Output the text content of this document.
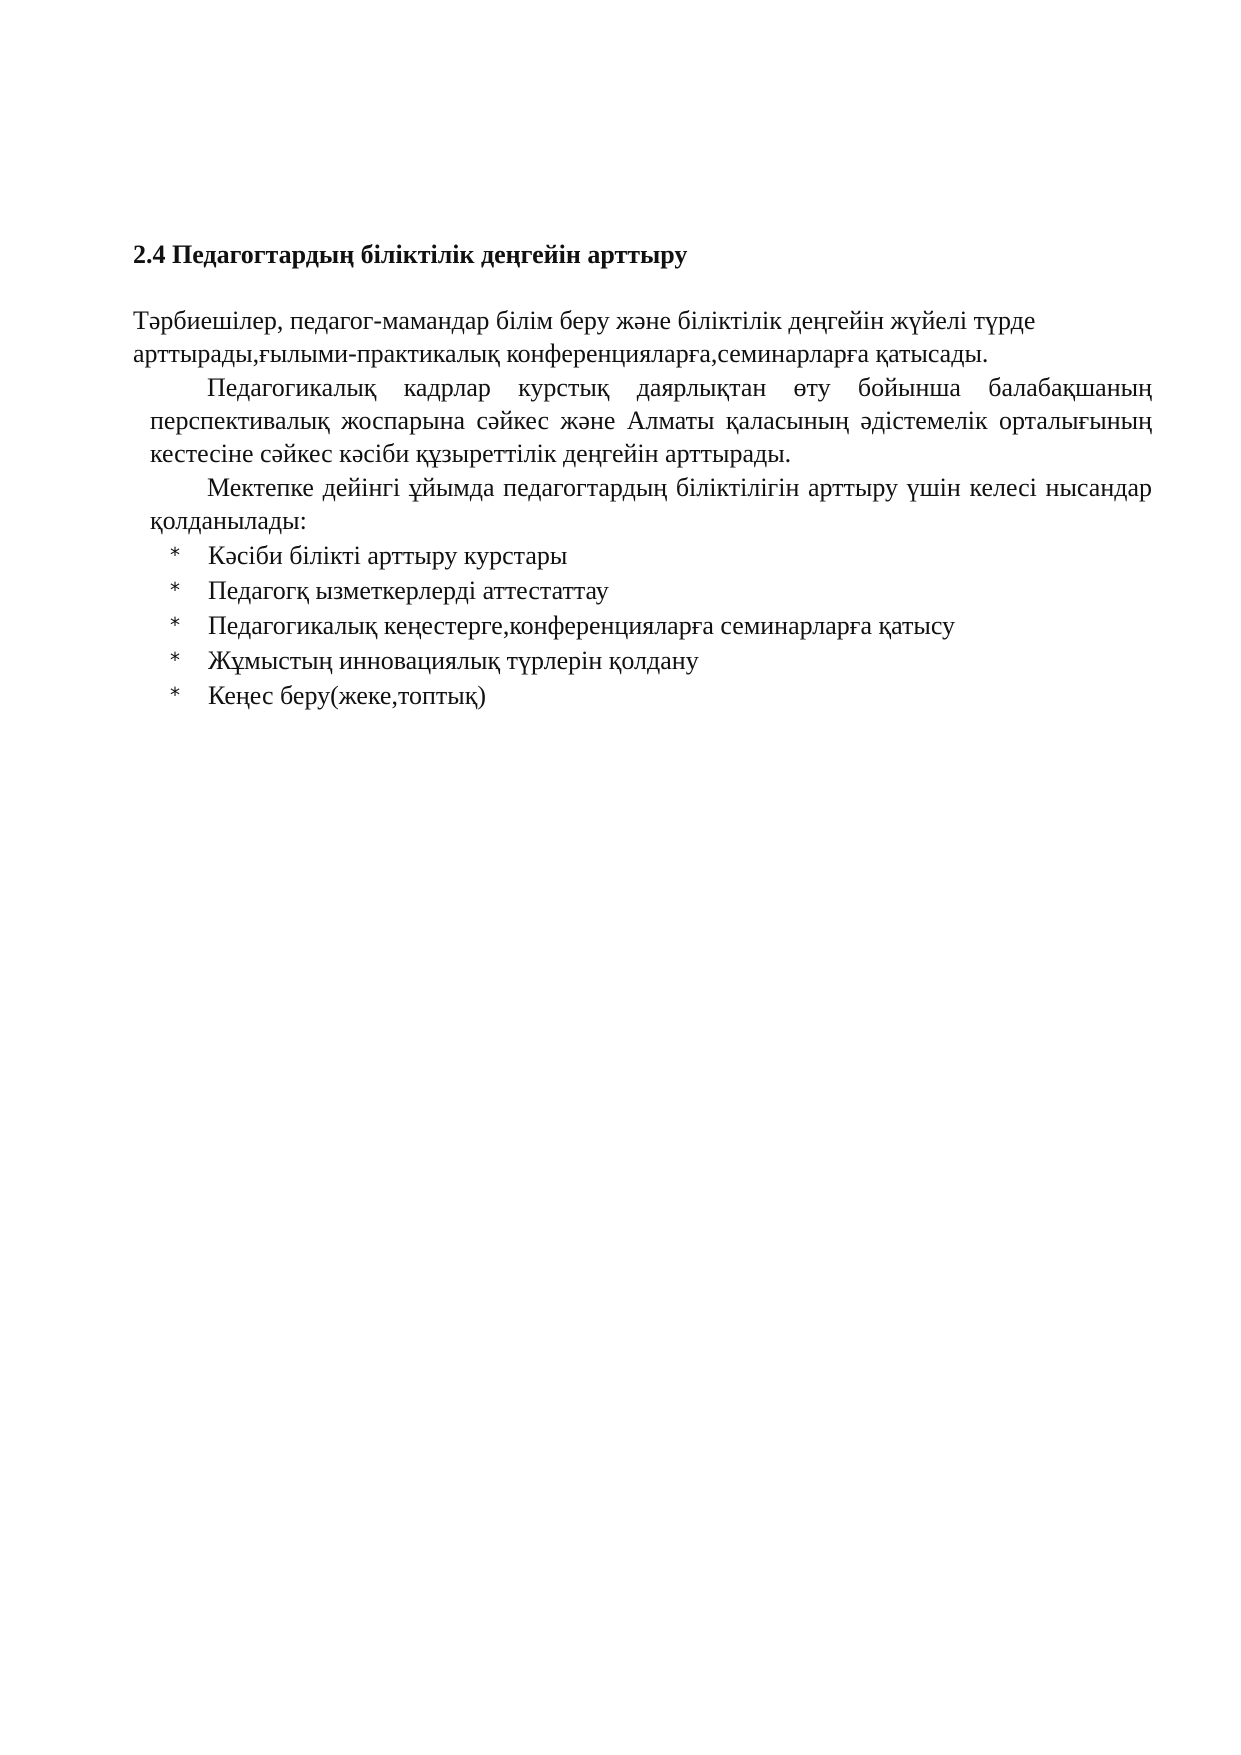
2.4 Педагогтардың біліктілік деңгейін арттыру
Тәрбиешілер, педагог-мамандар білім беру және біліктілік деңгейін жүйелі түрде
арттырады,ғылыми-практикалық конференцияларға,семинарларға қатысады.

Педагогикалық кадрлар курстық даярлықтан өту бойынша балабақшаның перспективалық жоспарына сәйкес және Алматы қаласының әдістемелік орталығының кестесіне сәйкес кәсіби құзыреттілік деңгейін арттырады.

Мектепке дейінгі ұйымда педагогтардың біліктілігін арттыру үшін келесі нысандар қолданылады:

*	Кәсіби білікті арттыру курстары
*	Педагогқ ызметкерлерді аттестаттау
*	Педагогикалық кеңестерге,конференцияларға семинарларға қатысу
*	Жұмыстың инновациялық түрлерін қолдану
*	Кеңес беру(жеке,топтық)
